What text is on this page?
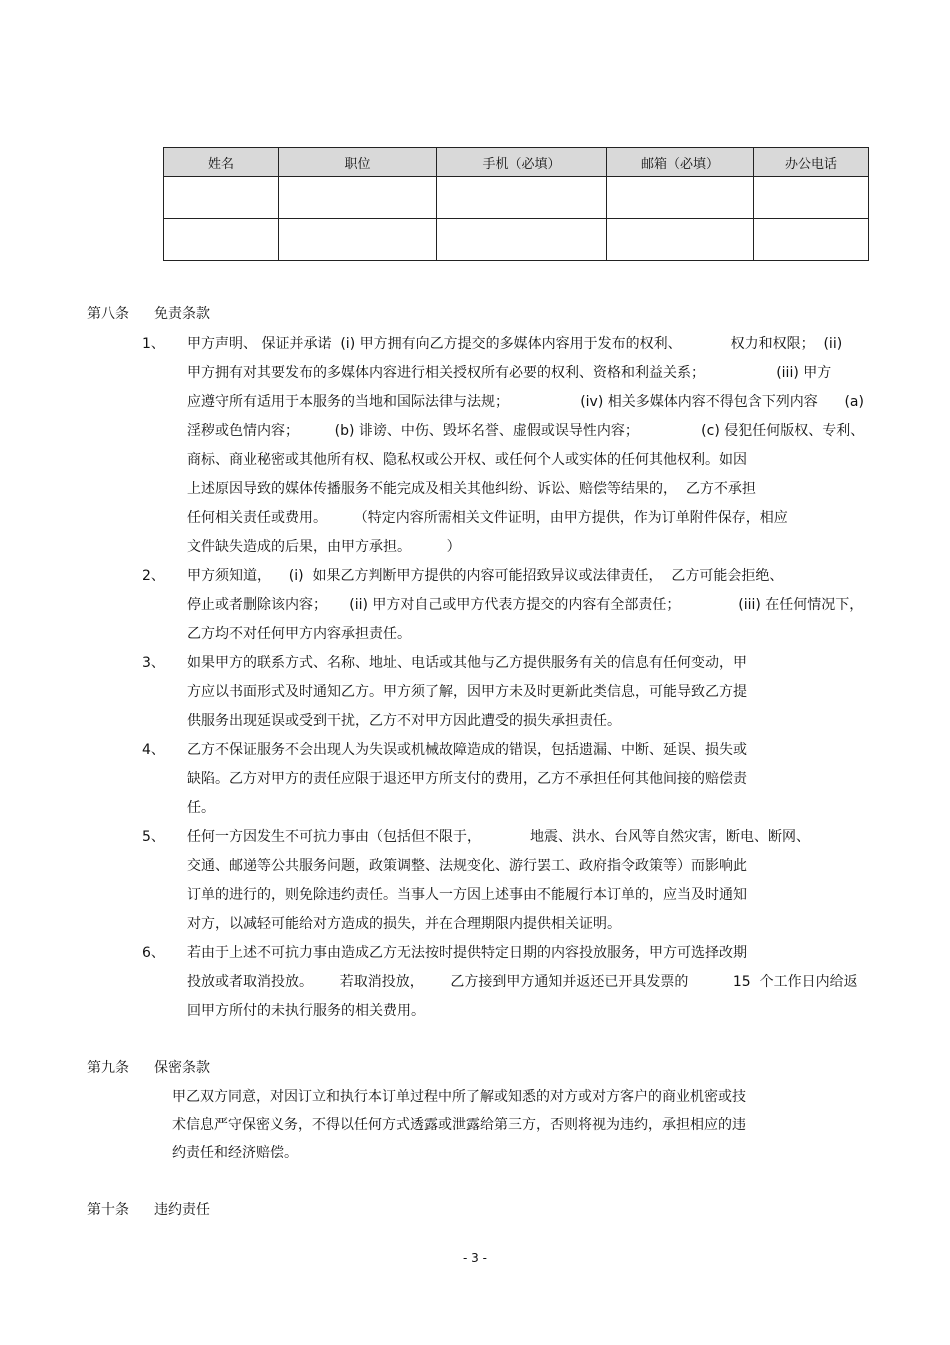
姓名	职位	手机（必填）	邮箱（必填）	办公电话

第八条 免责条款
1、 甲方声明、 保证并承诺  (i) 甲方拥有向乙方提交的多媒体内容用于发布的权利、           权力和权限；  (ii)
甲方拥有对其要发布的多媒体内容进行相关授权所有必要的权利、资格和利益关系；                (iii) 甲方
应遵守所有适用于本服务的当地和国际法律与法规；                (iv) 相关多媒体内容不得包含下列内容      (a)
淫秽或色情内容；        (b) 诽谤、中伤、毁坏名誉、虚假或误导性内容；              (c) 侵犯任何版权、专利、
商标、商业秘密或其他所有权、隐私权或公开权、或任何个人或实体的任何其他权利。如因
上述原因导致的媒体传播服务不能完成及相关其他纠纷、诉讼、赔偿等结果的，  乙方不承担
任何相关责任或费用。      （特定内容所需相关文件证明，由甲方提供，作为订单附件保存，相应
文件缺失造成的后果，由甲方承担。        ）
2、 甲方须知道，    (i)  如果乙方判断甲方提供的内容可能招致异议或法律责任，  乙方可能会拒绝、
停止或者删除该内容；     (ii) 甲方对自己或甲方代表方提交的内容有全部责任；             (iii) 在任何情况下，
乙方均不对任何甲方内容承担责任。
3、 如果甲方的联系方式、名称、地址、电话或其他与乙方提供服务有关的信息有任何变动，甲
方应以书面形式及时通知乙方。甲方须了解，因甲方未及时更新此类信息，可能导致乙方提
供服务出现延误或受到干扰，乙方不对甲方因此遭受的损失承担责任。
4、 乙方不保证服务不会出现人为失误或机械故障造成的错误，包括遗漏、中断、延误、损失或
缺陷。乙方对甲方的责任应限于退还甲方所支付的费用，乙方不承担任何其他间接的赔偿责
任。
5、 任何一方因发生不可抗力事由（包括但不限于，           地震、洪水、台风等自然灾害，断电、断网、
交通、邮递等公共服务问题，政策调整、法规变化、游行罢工、政府指令政策等）而影响此
订单的进行的，则免除违约责任。当事人一方因上述事由不能履行本订单的，应当及时通知
对方，以减轻可能给对方造成的损失，并在合理期限内提供相关证明。
6、 若由于上述不可抗力事由造成乙方无法按时提供特定日期的内容投放服务，甲方可选择改期
投放或者取消投放。      若取消投放，      乙方接到甲方通知并返还已开具发票的          15  个工作日内给返
回甲方所付的未执行服务的相关费用。
第九条 保密条款
甲乙双方同意，对因订立和执行本订单过程中所了解或知悉的对方或对方客户的商业机密或技
术信息严守保密义务，不得以任何方式透露或泄露给第三方，否则将视为违约，承担相应的违
约责任和经济赔偿。
第十条 违约责任
- 3 -
